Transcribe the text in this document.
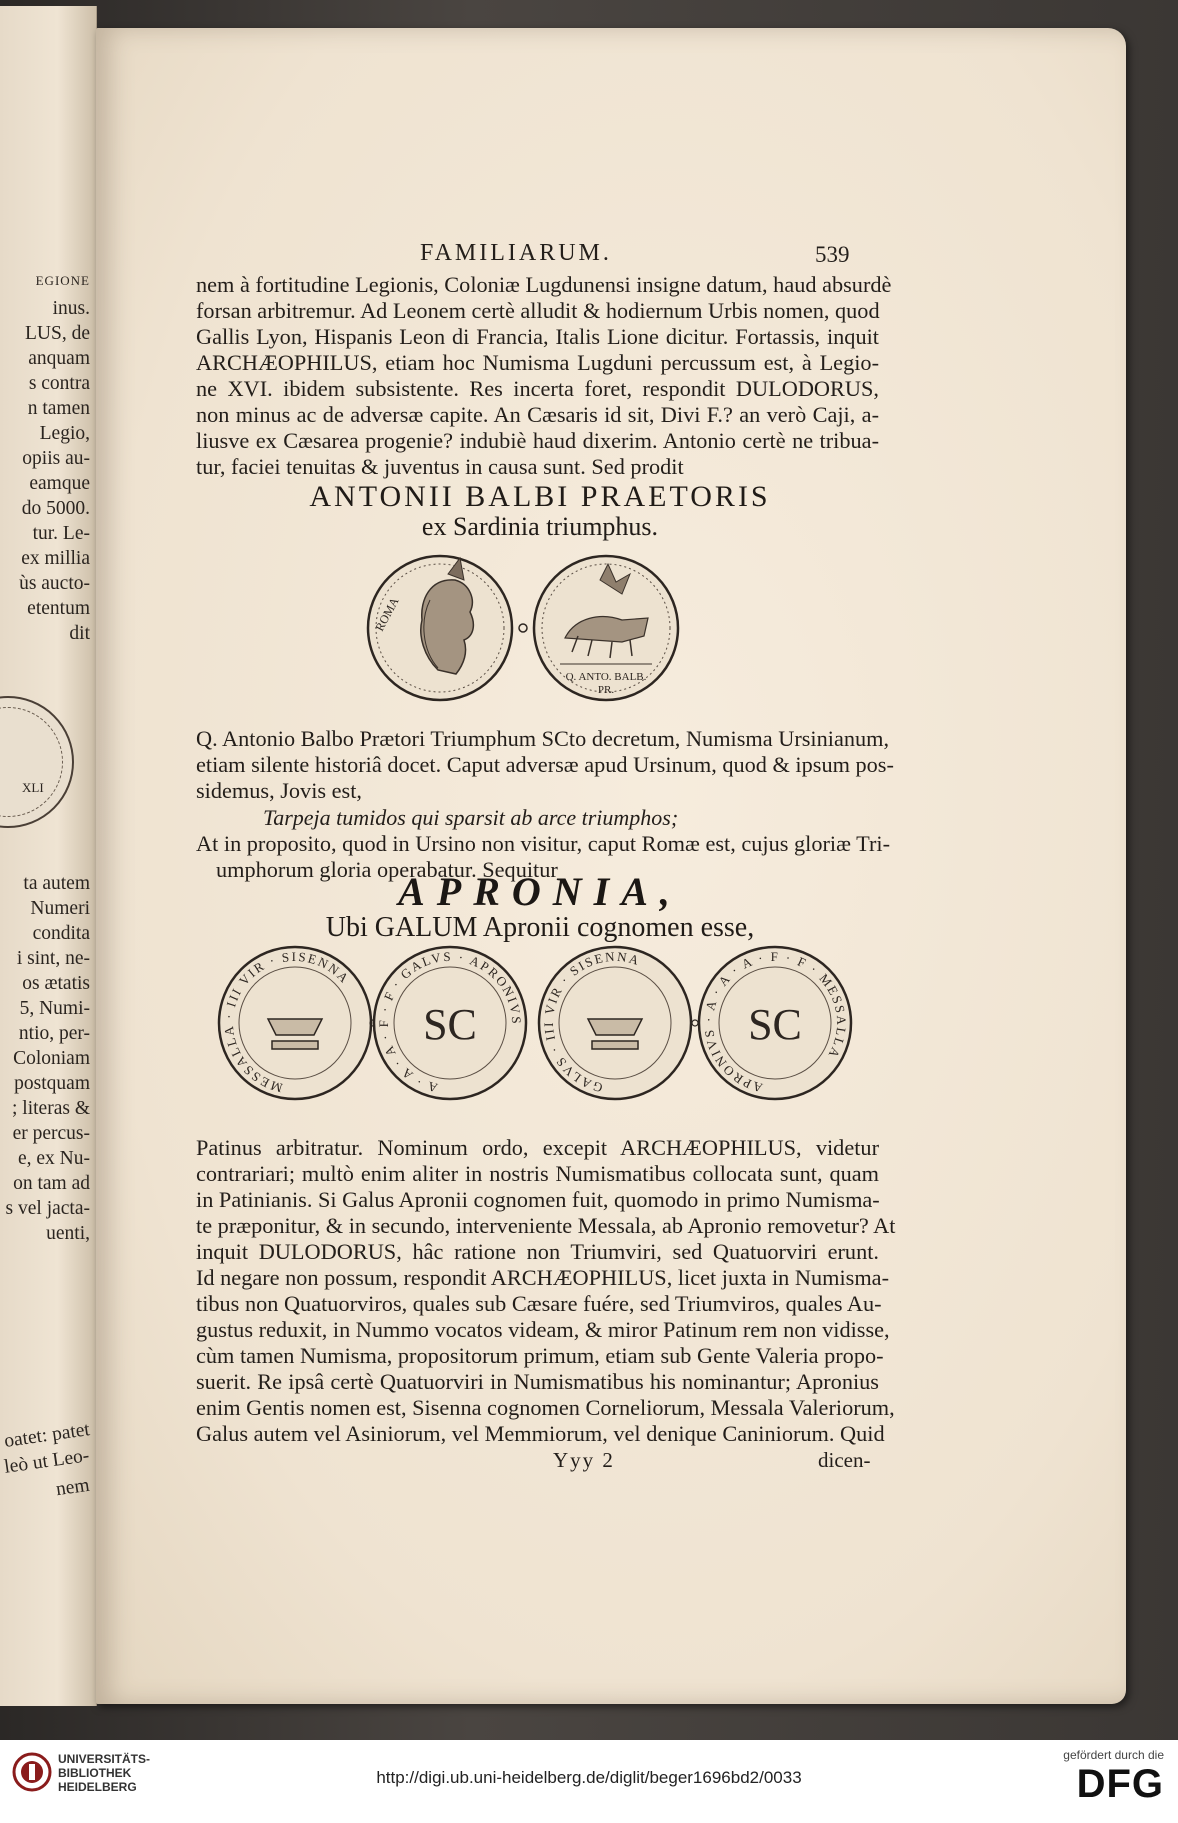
EGIONE
inus.
LUS, de
anquam
s contra
n tamen
Legio,
opiis au-
eamque
do 5000.
tur. Le-
ex millia
ùs aucto-
etentum
dit
XLI
ta autem
Numeri
condita
i sint, ne-
os ætatis
5, Numi-
ntio, per-
Coloniam
postquam
; literas &
er percus-
e, ex Nu-
on tam ad
s vel jacta-
uenti,
oatet: patet
leò ut Leo-
nem
FAMILIARUM.	539
nem à fortitudine Legionis, Coloniæ Lugdunensi insigne datum, haud absurdè
forsan arbitremur. Ad Leonem certè alludit & hodiernum Urbis nomen, quod
Gallis Lyon, Hispanis Leon di Francia, Italis Lione dicitur. Fortassis, inquit
ARCHÆOPHILUS, etiam hoc Numisma Lugduni percussum est, à Legio-
ne XVI. ibidem subsistente. Res incerta foret, respondit DULODORUS,
non minus ac de adversæ capite. An Cæsaris id sit, Divi F.? an verò Caji, a-
liusve ex Cæsarea progenie? indubiè haud dixerim. Antonio certè ne tribua-
tur, faciei tenuitas & juventus in causa sunt. Sed prodit
ANTONII BALBI PRAETORIS
ex Sardinia triumphus.
ROMA
Q. ANTO. BALB.
PR.
Q. Antonio Balbo Prætori Triumphum SCto decretum, Numisma Ursinianum,
etiam silente historiâ docet. Caput adversæ apud Ursinum, quod & ipsum pos-
sidemus, Jovis est,
Tarpeja tumidos qui sparsit ab arce triumphos;
At in proposito, quod in Ursino non visitur, caput Romæ est, cujus gloriæ Tri-
umphorum gloria operabatur. Sequitur
APRONIA,
Ubi GALUM Apronii cognomen esse,
MESSALLA · III VIR · SISENNA
SC
A · A · A · F · F · GALVS · APRONIVS
GALVS · III VIR · SISENNA
SC
APRONIVS · A · A · A · F · F · MESSALLA
Patinus arbitratur. Nominum ordo, excepit ARCHÆOPHILUS, videtur
contrariari; multò enim aliter in nostris Numismatibus collocata sunt, quam
in Patinianis. Si Galus Apronii cognomen fuit, quomodo in primo Numisma-
te præponitur, & in secundo, interveniente Messala, ab Apronio removetur? At
inquit DULODORUS, hâc ratione non Triumviri, sed Quatuorviri erunt.
Id negare non possum, respondit ARCHÆOPHILUS, licet juxta in Numisma-
tibus non Quatuorviros, quales sub Cæsare fuére, sed Triumviros, quales Au-
gustus reduxit, in Nummo vocatos videam, & miror Patinum rem non vidisse,
cùm tamen Numisma, propositorum primum, etiam sub Gente Valeria propo-
suerit. Re ipsâ certè Quatuorviri in Numismatibus his nominantur; Apronius
enim Gentis nomen est, Sisenna cognomen Corneliorum, Messala Valeriorum,
Galus autem vel Asiniorum, vel Memmiorum, vel denique Caniniorum. Quid
Yyy 2	dicen-
UNIVERSITÄTS-
BIBLIOTHEK
HEIDELBERG	http://digi.ub.uni-heidelberg.de/diglit/beger1696bd2/0033
gefördert durch die
DFG
